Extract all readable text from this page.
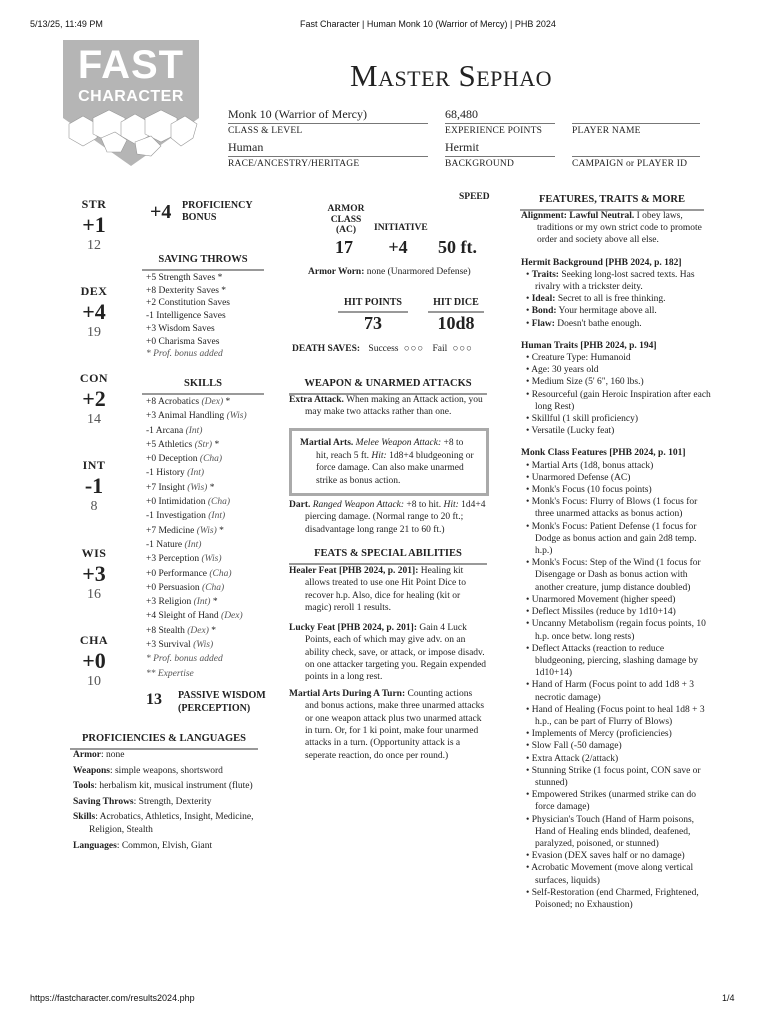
5/13/25, 11:49 PM	Fast Character | Human Monk 10 (Warrior of Mercy) | PHB 2024
FAST
CHARACTER
Master Sephao
Monk 10 (Warrior of Mercy)
CLASS & LEVEL
68,480
EXPERIENCE POINTS	PLAYER NAME
Human
RACE/ANCESTRY/HERITAGE
Hermit
BACKGROUND	CAMPAIGN or PLAYER ID
STR
+1
12
DEX
+4
19
CON
+2
14
INT
-1
8
WIS
+3
16
CHA
+0
10
+4 PROFICIENCY
BONUS
SAVING THROWS
+5 Strength Saves *
+8 Dexterity Saves *
+2 Constitution Saves
-1 Intelligence Saves
+3 Wisdom Saves
+0 Charisma Saves
* Prof. bonus added
SKILLS
+8 Acrobatics (Dex) *
+3 Animal Handling (Wis)
-1 Arcana (Int)
+5 Athletics (Str) *
+0 Deception (Cha)
-1 History (Int)
+7 Insight (Wis) *
+0 Intimidation (Cha)
-1 Investigation (Int)
+7 Medicine (Wis) *
-1 Nature (Int)
+3 Perception (Wis)
+0 Performance (Cha)
+0 Persuasion (Cha)
+3 Religion (Int) *
+4 Sleight of Hand (Dex)
+8 Stealth (Dex) *
+3 Survival (Wis)
* Prof. bonus added
** Expertise
13 PASSIVE WISDOM
(PERCEPTION)
PROFICIENCIES & LANGUAGES
Armor: none
Weapons: simple weapons, shortsword
Tools: herbalism kit, musical instrument (flute)
Saving Throws: Strength, Dexterity
Skills: Acrobatics, Athletics, Insight, Medicine, Religion, Stealth
Languages: Common, Elvish, Giant
ARMOR
CLASS
(AC)	INITIATIVE
SPEED
17	+4	50 ft.
Armor Worn: none (Unarmored Defense)
HIT POINTS	HIT DICE
73	10d8
DEATH SAVES: Success ○○○ Fail ○○○
WEAPON & UNARMED ATTACKS
Extra Attack. When making an Attack action, you may make two attacks rather than one.
Martial Arts. Melee Weapon Attack: +8 to hit, reach 5 ft. Hit: 1d8+4 bludgeoning or force damage. Can also make unarmed strike as bonus action.
Dart. Ranged Weapon Attack: +8 to hit. Hit: 1d4+4 piercing damage. (Normal range to 20 ft.; disadvantage long range 21 to 60 ft.)
FEATS & SPECIAL ABILITIES
Healer Feat [PHB 2024, p. 201]: Healing kit allows treated to use one Hit Point Dice to recover h.p. Also, dice for healing (kit or magic) reroll 1 results.
Lucky Feat [PHB 2024, p. 201]: Gain 4 Luck Points, each of which may give adv. on an ability check, save, or attack, or impose disadv. on one attacker targeting you. Regain expended points in a long rest.
Martial Arts During A Turn: Counting actions and bonus actions, make three unarmed attacks or one weapon attack plus two unarmed attack in turn. Or, for 1 ki point, make four unarmed attacks in a turn. (Opportunity attack is a seperate reaction, do once per round.)
FEATURES, TRAITS & MORE
Alignment: Lawful Neutral. I obey laws, traditions or my own strict code to promote order and society above all else.
Hermit Background [PHB 2024, p. 182]
• Traits: Seeking long-lost sacred texts. Has rivalry with a trickster deity.
• Ideal: Secret to all is free thinking.
• Bond: Your hermitage above all.
• Flaw: Doesn't bathe enough.
Human Traits [PHB 2024, p. 194]
• Creature Type: Humanoid
• Age: 30 years old
• Medium Size (5' 6", 160 lbs.)
• Resourceful (gain Heroic Inspiration after each long Rest)
• Skillful (1 skill proficiency)
• Versatile (Lucky feat)
Monk Class Features [PHB 2024, p. 101]
• Martial Arts (1d8, bonus attack)
• Unarmored Defense (AC)
• Monk's Focus (10 focus points)
• Monk's Focus: Flurry of Blows (1 focus for three unarmed attacks as bonus action)
• Monk's Focus: Patient Defense (1 focus for Dodge as bonus action and gain 2d8 temp. h.p.)
• Monk's Focus: Step of the Wind (1 focus for Disengage or Dash as bonus action with another creature, jump distance doubled)
• Unarmored Movement (higher speed)
• Deflect Missiles (reduce by 1d10+14)
• Uncanny Metabolism (regain focus points, 10 h.p. once betw. long rests)
• Deflect Attacks (reaction to reduce bludgeoning, piercing, slashing damage by 1d10+14)
• Hand of Harm (Focus point to add 1d8 + 3 necrotic damage)
• Hand of Healing (Focus point to heal 1d8 + 3 h.p., can be part of Flurry of Blows)
• Implements of Mercy (proficiencies)
• Slow Fall (-50 damage)
• Extra Attack (2/attack)
• Stunning Strike (1 focus point, CON save or stunned)
• Empowered Strikes (unarmed strike can do force damage)
• Physician's Touch (Hand of Harm poisons, Hand of Healing ends blinded, deafened, paralyzed, poisoned, or stunned)
• Evasion (DEX saves half or no damage)
• Acrobatic Movement (move along vertical surfaces, liquids)
• Self-Restoration (end Charmed, Frightened, Poisoned; no Exhaustion)
https://fastcharacter.com/results2024.php	1/4
